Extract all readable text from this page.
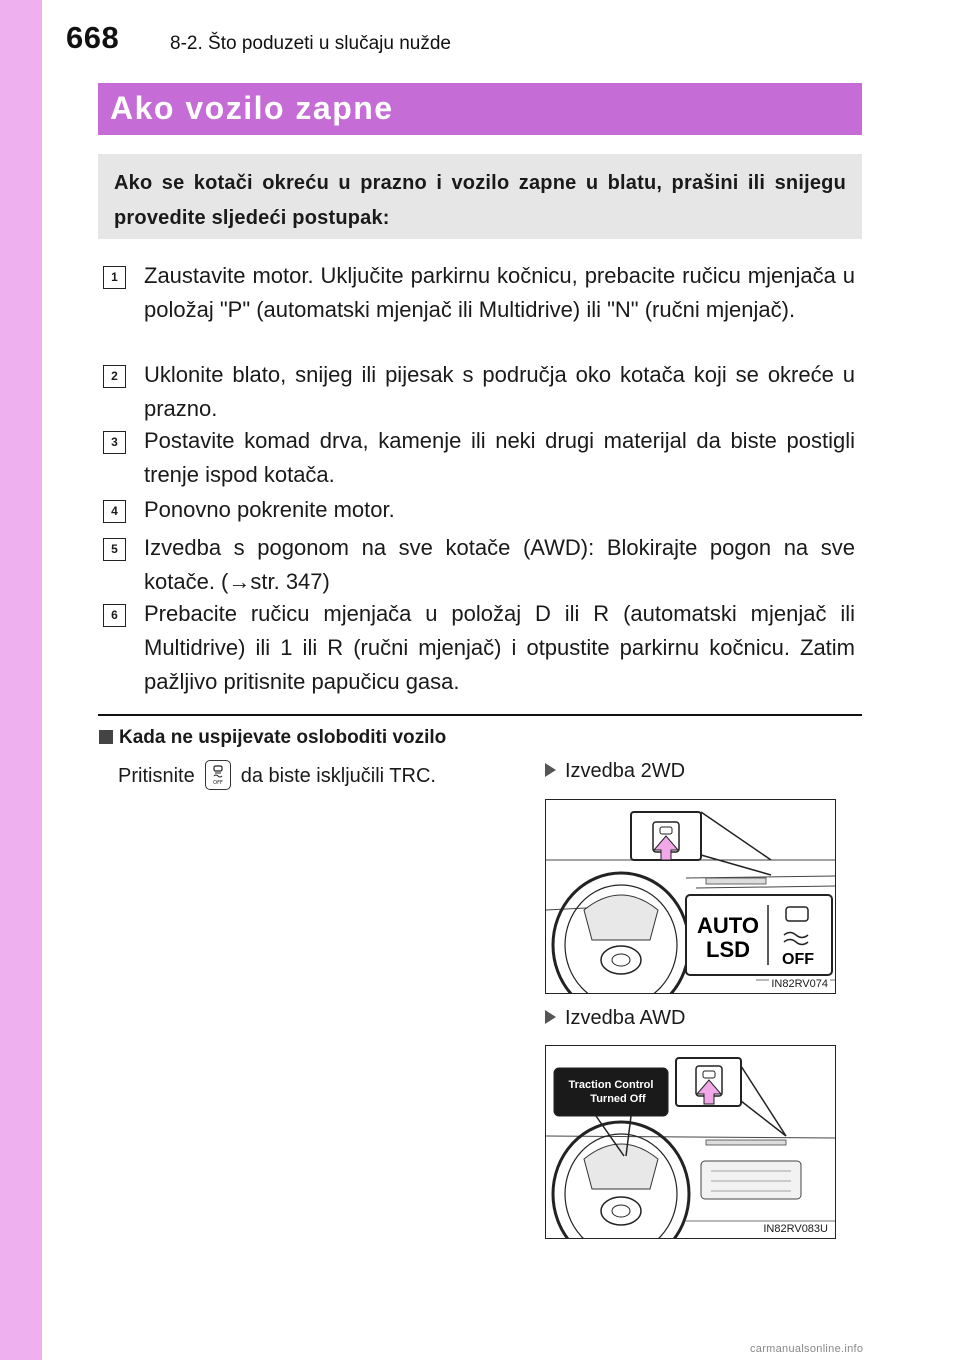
668	8-2. Što poduzeti u slučaju nužde
Ako vozilo zapne
Ako se kotači okreću u prazno i vozilo zapne u blatu, prašini ili snijegu provedite sljedeći postupak:
1	Zaustavite motor. Uključite parkirnu kočnicu, prebacite ručicu mjenjača u položaj "P" (automatski mjenjač ili Multidrive) ili "N" (ručni mjenjač).
2	Uklonite blato, snijeg ili pijesak s područja oko kotača koji se okreće u prazno.
3	Postavite komad drva, kamenje ili neki drugi materijal da biste postigli trenje ispod kotača.
4	Ponovno pokrenite motor.
5	Izvedba s pogonom na sve kotače (AWD): Blokirajte pogon na sve kotače. (→str. 347)
6	Prebacite ručicu mjenjača u položaj D ili R (automatski mjenjač ili Multidrive) ili 1 ili R (ručni mjenjač) i otpustite parkirnu kočnicu. Zatim pažljivo pritisnite papučicu gasa.
Kada ne uspijevate osloboditi vozilo
Pritisnite	OFF da biste isključili TRC.	Izvedba 2WD
AUTO
LSD OFF
IN82RV074
Izvedba AWD
Traction Control
Turned Off
IN82RV083U
carmanualsonline.info
